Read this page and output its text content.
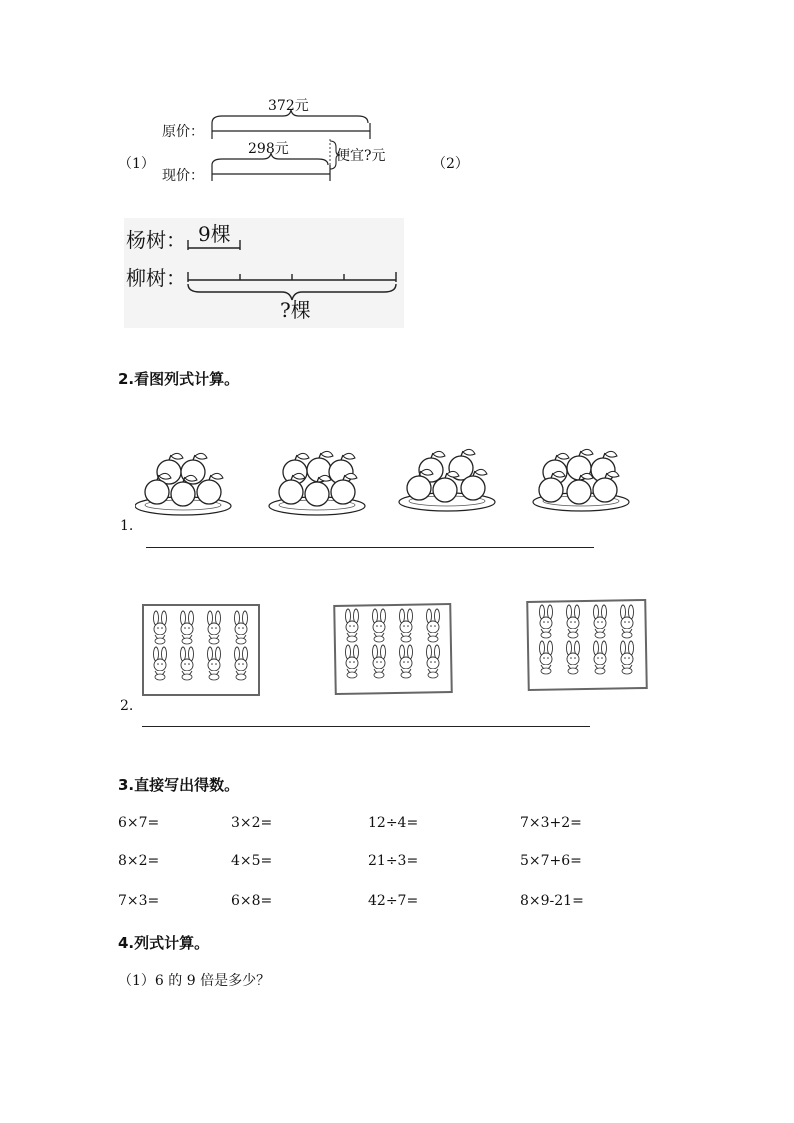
（1）	（2）
原价：
现价：
372元
298元	便宜?元
杨树：
柳树：
9棵
?棵
2.看图列式计算。
1.
2.
3.直接写出得数。
6×7=	3×2=	12÷4=	7×3+2=
8×2=	4×5=	21÷3=	5×7+6=
7×3=	6×8=	42÷7=	8×9-21=
4.列式计算。
（1）6 的 9 倍是多少？
